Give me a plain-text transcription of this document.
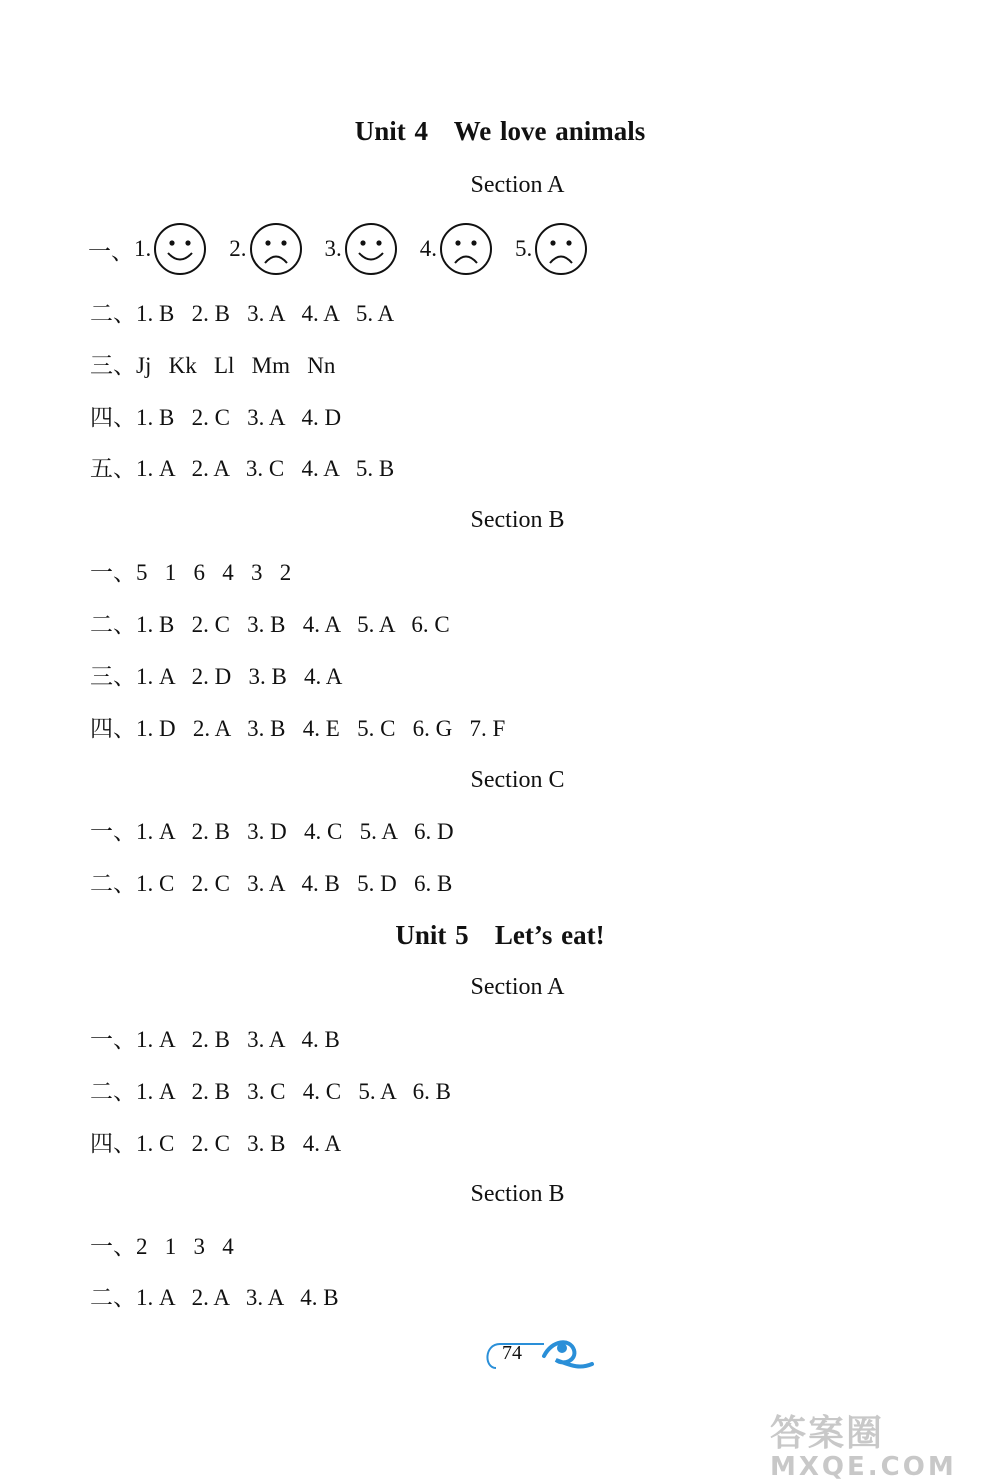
Unit 4   We love animals
Section A
一、 1.	2.	3.	4.	5.
二、1. B   2. B   3. A   4. A   5. A
三、Jj   Kk   Ll   Mm   Nn
四、1. B   2. C   3. A   4. D
五、1. A   2. A   3. C   4. A   5. B
Section B
一、5   1   6   4   3   2
二、1. B   2. C   3. B   4. A   5. A   6. C
三、1. A   2. D   3. B   4. A
四、1. D   2. A   3. B   4. E   5. C   6. G   7. F
Section C
一、1. A   2. B   3. D   4. C   5. A   6. D
二、1. C   2. C   3. A   4. B   5. D   6. B
Unit 5   Let’s eat!
Section A
一、1. A   2. B   3. A   4. B
二、1. A   2. B   3. C   4. C   5. A   6. B
四、1. C   2. C   3. B   4. A
Section B
一、2   1   3   4
二、1. A   2. A   3. A   4. B
74
答案圈
MXQE.COM
